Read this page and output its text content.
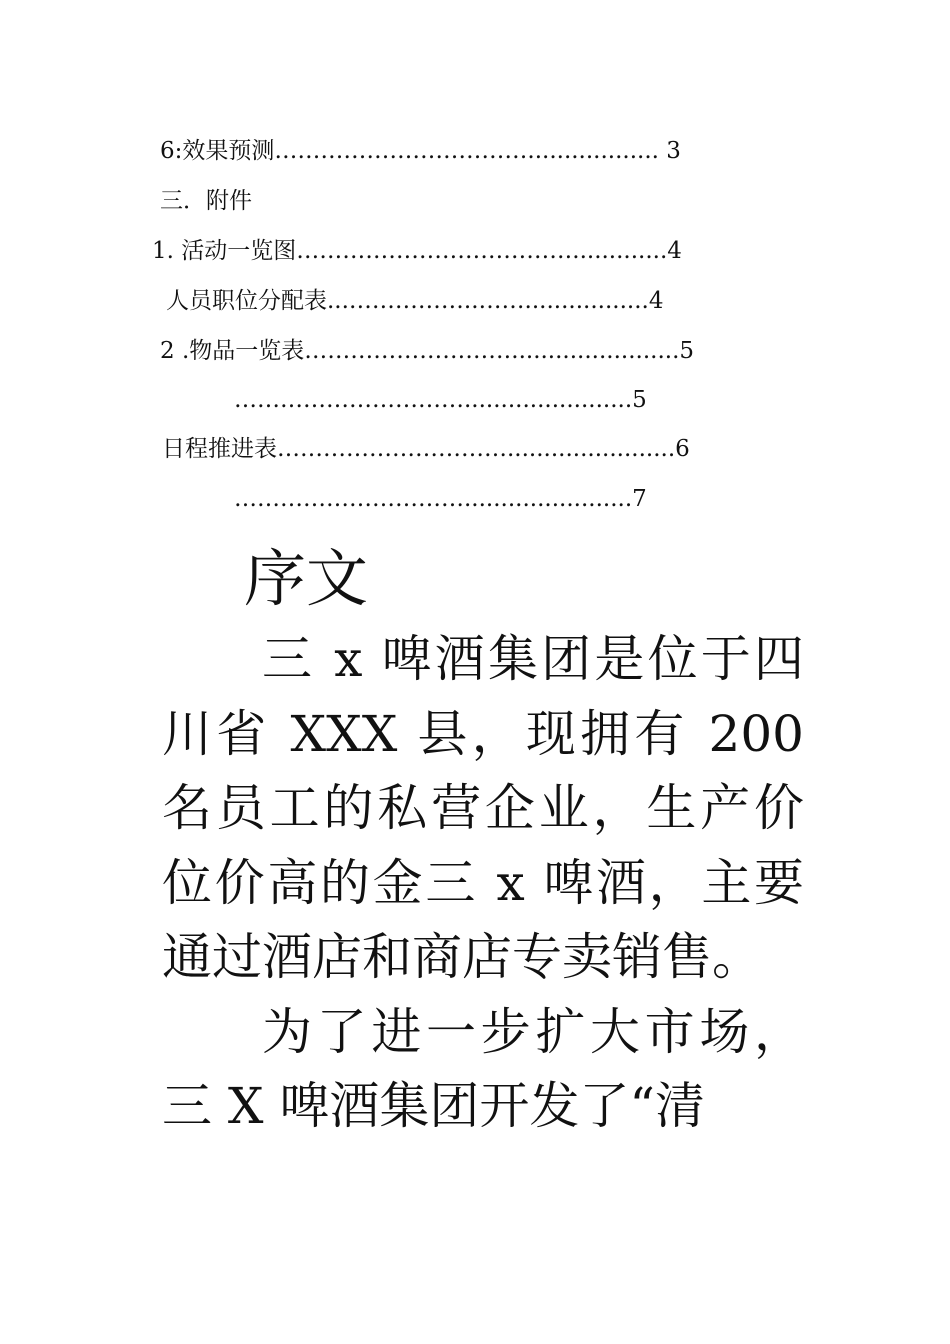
6:效果预测…………………………….................. 3
三．附件
1. 活动一览图……………………………….............4
人员职位分配表...……………..…….................4
2 .物品一览表……………………….......................5
………………………….......................5
日程推进表………………………….......................6
………………………….......................7
序文

三 x 啤酒集团是位于四川省 XXX 县，现拥有 200 名员工的私营企业，生产价位价高的金三 x 啤酒，主要通过酒店和商店专卖销售。

为了进一步扩大市场，三 X 啤酒集团开发了“清
